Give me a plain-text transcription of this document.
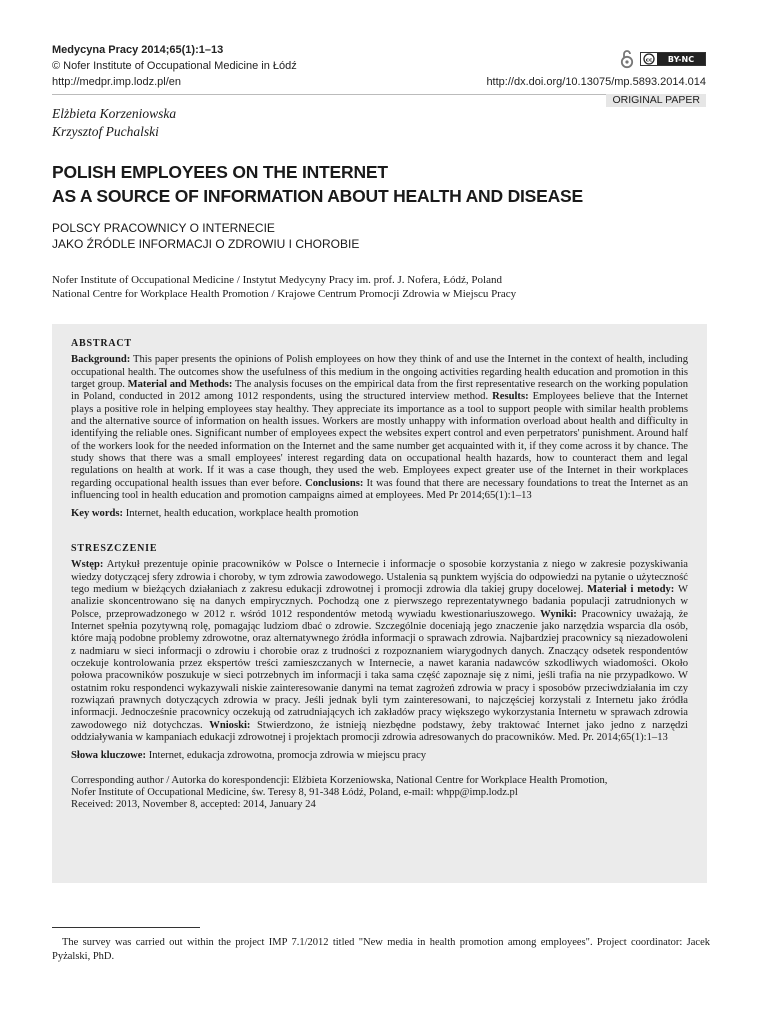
Medycyna Pracy 2014;65(1):1–13
© Nofer Institute of Occupational Medicine in Łódź
http://medpr.imp.lodz.pl/en
cc BY-NC
http://dx.doi.org/10.13075/mp.5893.2014.014
ORIGINAL PAPER
Elżbieta Korzeniowska
Krzysztof Puchalski
POLISH EMPLOYEES ON THE INTERNET
AS A SOURCE OF INFORMATION ABOUT HEALTH AND DISEASE
POLSCY PRACOWNICY O INTERNECIE
JAKO ŹRÓDLE INFORMACJI O ZDROWIU I CHOROBIE
Nofer Institute of Occupational Medicine / Instytut Medycyny Pracy im. prof. J. Nofera, Łódź, Poland
National Centre for Workplace Health Promotion / Krajowe Centrum Promocji Zdrowia w Miejscu Pracy
ABSTRACT

Background: This paper presents the opinions of Polish employees on how they think of and use the Internet in the context of health, including occupational health. The outcomes show the usefulness of this medium in the ongoing activities regarding health education and promotion in this target group. Material and Methods: The analysis focuses on the empirical data from the first representative research on the working population in Poland, conducted in 2012 among 1012 respondents, using the structured interview method. Results: Employees believe that the Internet plays a positive role in helping employees stay healthy. They appreciate its importance as a tool to support people with similar health problems and the alternative source of information on health issues. Workers are mostly unhappy with information overload about health and difficulty in identifying the reliable ones. Significant number of employees expect the websites expert control and even perpetrators' punishment. Around half of the workers look for the needed information on the Internet and the same number get acquainted with it, if they come across it by chance. The study shows that there was a small employees' interest regarding data on occupational health hazards, how to counteract them and legal regulations on health at work. If it was a case though, they used the web. Employees expect greater use of the Internet in their workplaces regarding occupational health issues than ever before. Conclusions: It was found that there are necessary foundations to treat the Internet as an influencing tool in health education and promotion campaigns aimed at employees. Med Pr 2014;65(1):1–13

Key words: Internet, health education, workplace health promotion

STRESZCZENIE

Wstęp: Artykuł prezentuje opinie pracowników w Polsce o Internecie i informacje o sposobie korzystania z niego w zakresie pozyskiwania wiedzy dotyczącej sfery zdrowia i choroby, w tym zdrowia zawodowego. Ustalenia są punktem wyjścia do odpowiedzi na pytanie o użyteczność tego medium w bieżących działaniach z zakresu edukacji zdrowotnej i promocji zdrowia dla takiej grupy docelowej. Materiał i metody: W analizie skoncentrowano się na danych empirycznych. Pochodzą one z pierwszego reprezentatywnego badania populacji zatrudnionych w Polsce, przeprowadzonego w 2012 r. wśród 1012 respondentów metodą wywiadu kwestionariuszowego. Wyniki: Pracownicy uważają, że Internet spełnia pozytywną rolę, pomagając ludziom dbać o zdrowie. Szczególnie doceniają jego znaczenie jako narzędzia wsparcia dla osób, które mają podobne problemy zdrowotne, oraz alternatywnego źródła informacji o sprawach zdrowia. Najbardziej pracownicy są niezadowoleni z nadmiaru w sieci informacji o zdrowiu i chorobie oraz z trudności z rozpoznaniem wiarygodnych danych. Znaczący odsetek respondentów oczekuje kontrolowania przez ekspertów treści zamieszczanych w Internecie, a nawet karania nadawców szkodliwych wiadomości. Około połowa pracowników poszukuje w sieci potrzebnych im informacji i taka sama część zapoznaje się z nimi, jeśli trafia na nie przypadkowo. W ostatnim roku respondenci wykazywali niskie zainteresowanie danymi na temat zagrożeń zdrowia w pracy i sposobów przeciwdziałania im czy rozwiązań prawnych dotyczących zdrowia w pracy. Jeśli jednak byli tym zainteresowani, to najczęściej korzystali z Internetu jako źródła informacji. Jednocześnie pracownicy oczekują od zatrudniających ich zakładów pracy większego wykorzystania Internetu w sprawach zdrowia zawodowego niż dotychczas. Wnioski: Stwierdzono, że istnieją niezbędne podstawy, żeby traktować Internet jako jedno z narzędzi oddziaływania w kampaniach edukacji zdrowotnej i projektach promocji zdrowia adresowanych do pracowników. Med. Pr. 2014;65(1):1–13

Słowa kluczowe: Internet, edukacja zdrowotna, promocja zdrowia w miejscu pracy

Corresponding author / Autorka do korespondencji: Elżbieta Korzeniowska, National Centre for Workplace Health Promotion,
Nofer Institute of Occupational Medicine, św. Teresy 8, 91-348 Łódź, Poland, e-mail: whpp@imp.lodz.pl
Received: 2013, November 8, accepted: 2014, January 24
The survey was carried out within the project IMP 7.1/2012 titled "New media in health promotion among employees". Project coordinator: Jacek Pyżalski, PhD.
